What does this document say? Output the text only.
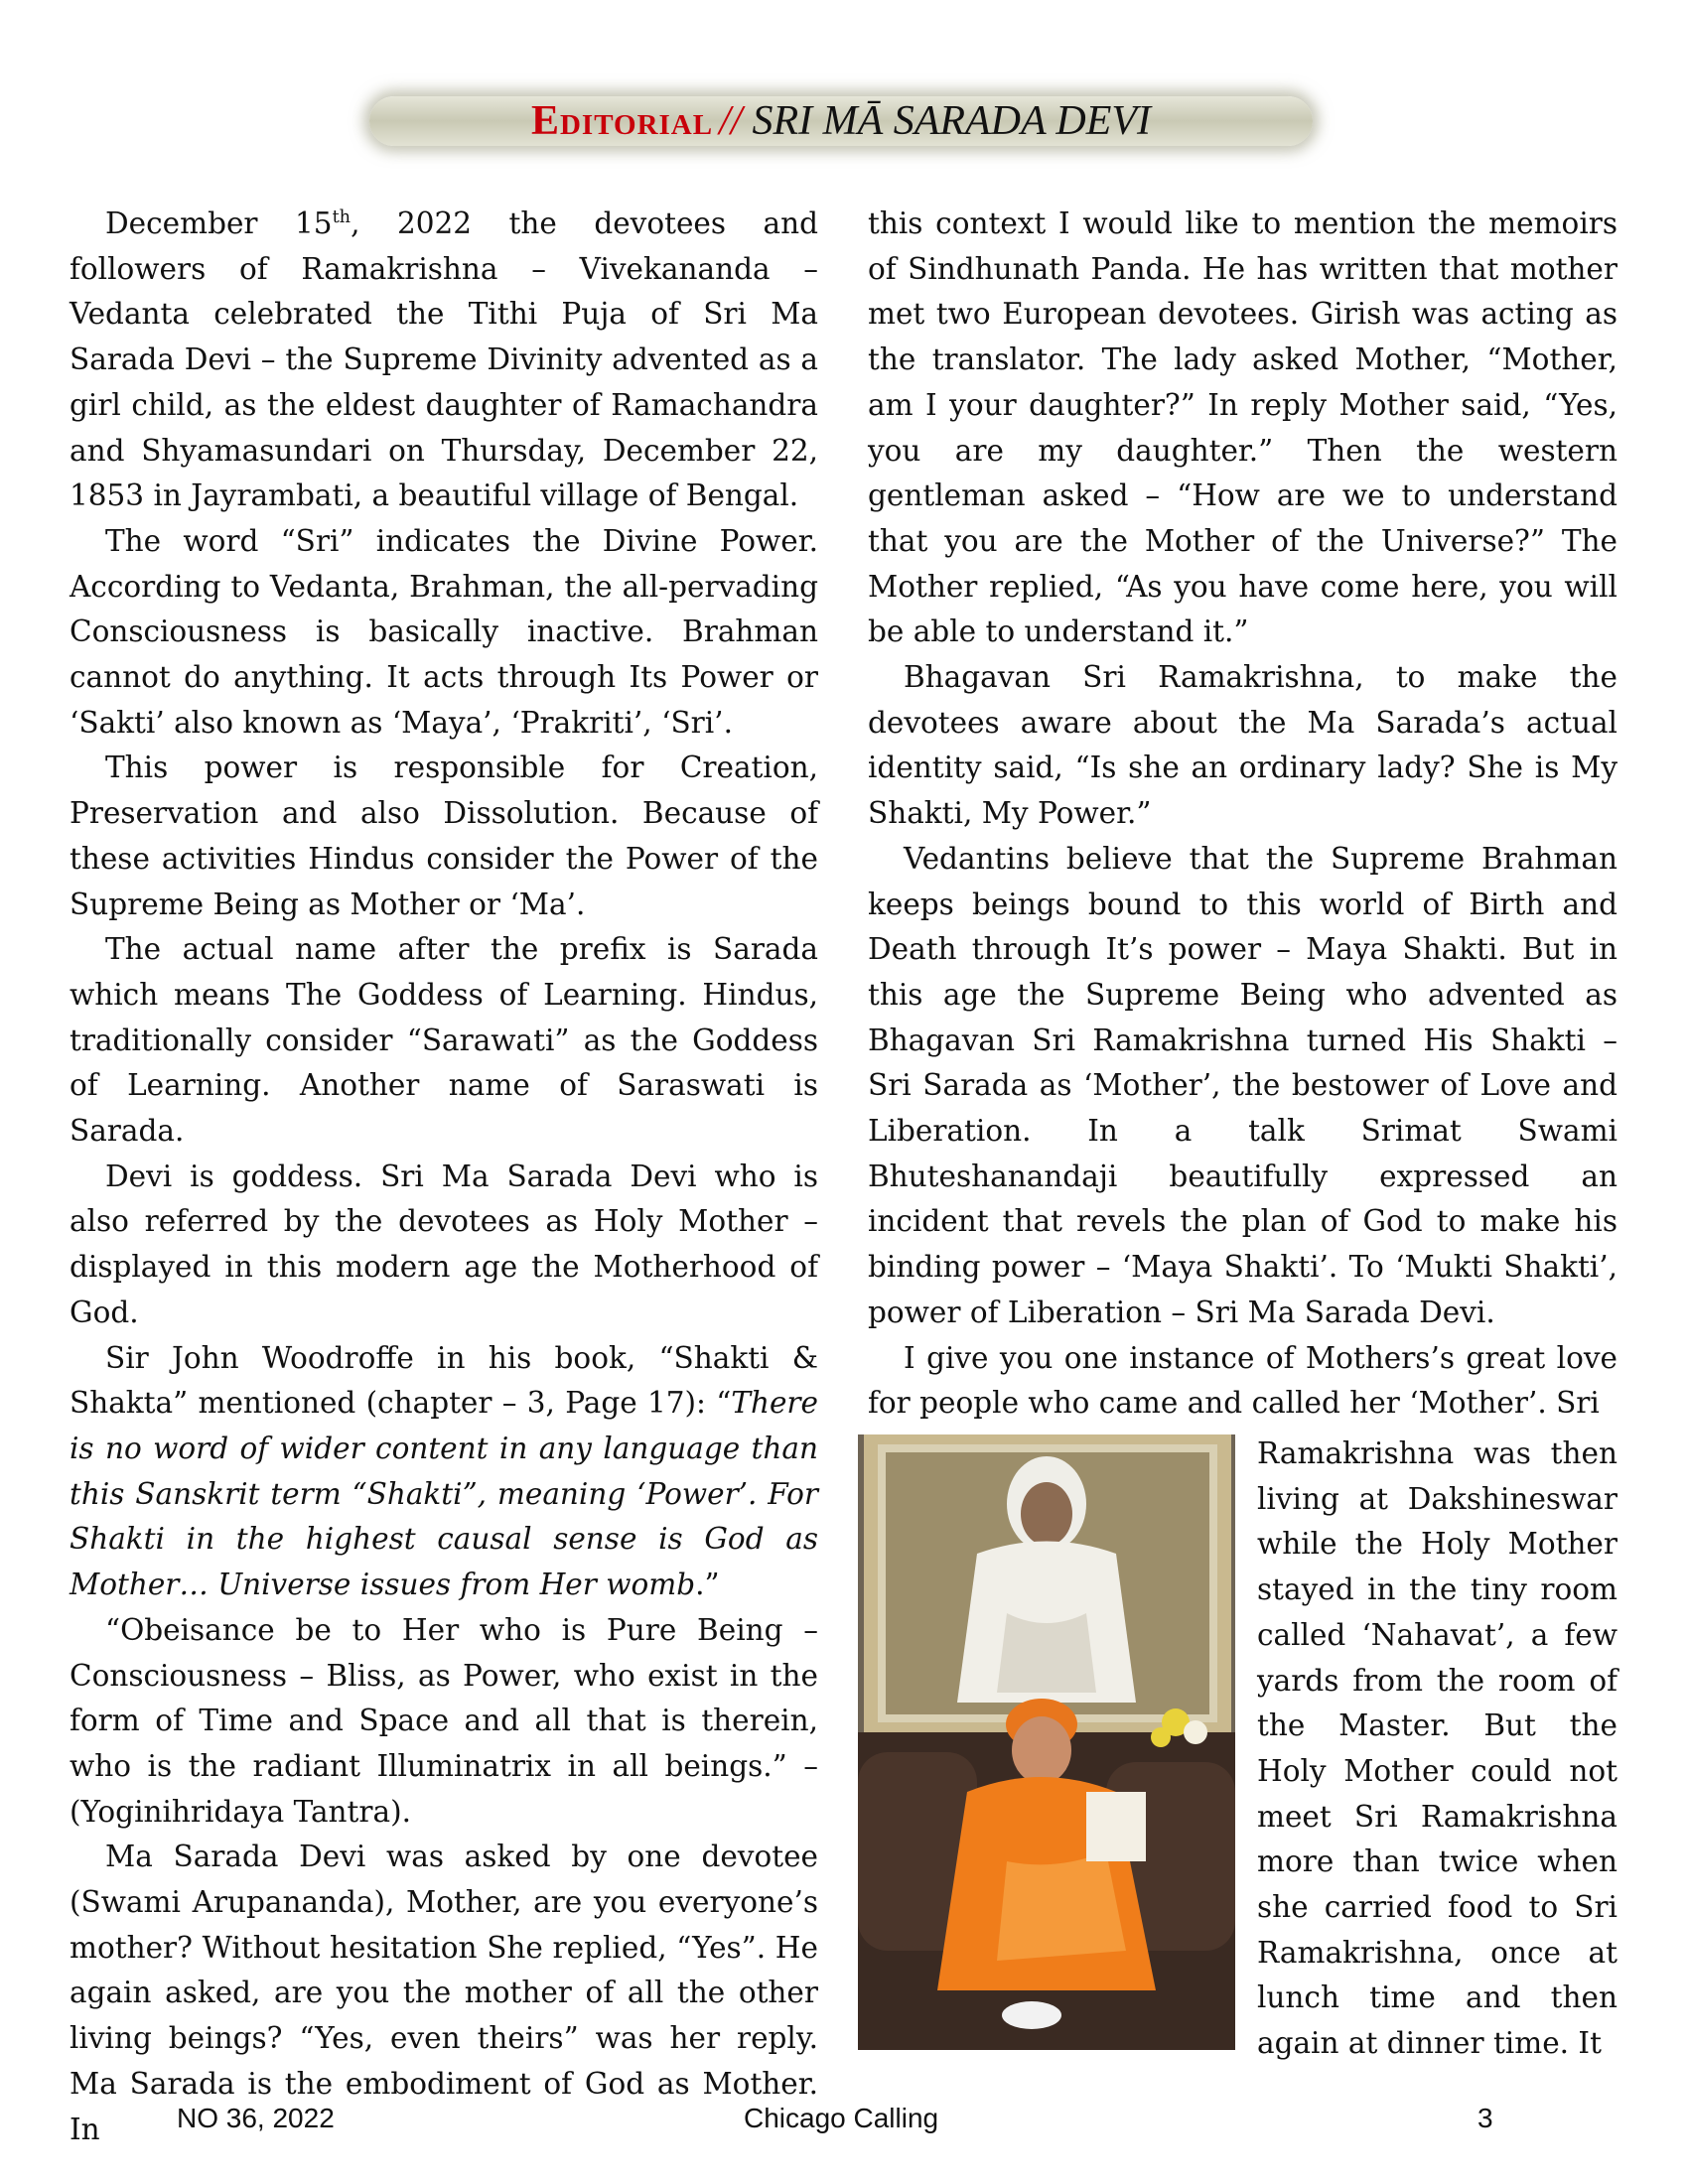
Editorial // SRI MĀ SARADA DEVI

December 15th, 2022 the devotees and followers of Ramakrishna – Vivekananda – Vedanta celebrated the Tithi Puja of Sri Ma Sarada Devi – the Supreme Divinity advented as a girl child, as the eldest daughter of Ramachandra and Shyamasundari on Thursday, December 22, 1853 in Jayrambati, a beautiful village of Bengal.

The word “Sri” indicates the Divine Power. According to Vedanta, Brahman, the all-pervading Consciousness is basically inactive. Brahman cannot do anything. It acts through Its Power or ‘Sakti’ also known as ‘Maya’, ‘Prakriti’, ‘Sri’.

This power is responsible for Creation, Preservation and also Dissolution. Because of these activities Hindus consider the Power of the Supreme Being as Mother or ‘Ma’.

The actual name after the prefix is Sarada which means The Goddess of Learning. Hindus, traditionally consider “Sarawati” as the Goddess of Learning. Another name of Saraswati is Sarada.

Devi is goddess. Sri Ma Sarada Devi who is also referred by the devotees as Holy Mother – displayed in this modern age the Motherhood of God.

Sir John Woodroffe in his book, “Shakti & Shakta” mentioned (chapter – 3, Page 17): “There is no word of wider content in any language than this Sanskrit term “Shakti”, meaning ‘Power’. For Shakti in the highest causal sense is God as Mother… Universe issues from Her womb.”

“Obeisance be to Her who is Pure Being – Consciousness – Bliss, as Power, who exist in the form of Time and Space and all that is therein, who is the radiant Illuminatrix in all beings.” – (Yoginihridaya Tantra).

Ma Sarada Devi was asked by one devotee (Swami Arupananda), Mother, are you everyone’s mother? Without hesitation She replied, “Yes”. He again asked, are you the mother of all the other living beings? “Yes, even theirs” was her reply. Ma Sarada is the embodiment of God as Mother. In

this context I would like to mention the memoirs of Sindhunath Panda. He has written that mother met two European devotees. Girish was acting as the translator. The lady asked Mother, “Mother, am I your daughter?” In reply Mother said, “Yes, you are my daughter.” Then the western gentleman asked – “How are we to understand that you are the Mother of the Universe?” The Mother replied, “As you have come here, you will be able to understand it.”

Bhagavan Sri Ramakrishna, to make the devotees aware about the Ma Sarada’s actual identity said, “Is she an ordinary lady? She is My Shakti, My Power.”

Vedantins believe that the Supreme Brahman keeps beings bound to this world of Birth and Death through It’s power – Maya Shakti. But in this age the Supreme Being who advented as Bhagavan Sri Ramakrishna turned His Shakti – Sri Sarada as ‘Mother’, the bestower of Love and Liberation. In a talk Srimat Swami Bhuteshanandaji beautifully expressed an incident that revels the plan of God to make his binding power – ‘Maya Shakti’. To ‘Mukti Shakti’, power of Liberation – Sri Ma Sarada Devi.

I give you one instance of Mothers’s great love for people who came and called her ‘Mother’. Sri

Ramakrishna was then living at Dakshineswar while the Holy Mother stayed in the tiny room called ‘Nahavat’, a few yards from the room of the Master. But the Holy Mother could not meet Sri Ramakrishna more than twice when she carried food to Sri Ramakrishna, once at lunch time and then again at dinner time. It

NO 36, 2022	Chicago Calling	3
